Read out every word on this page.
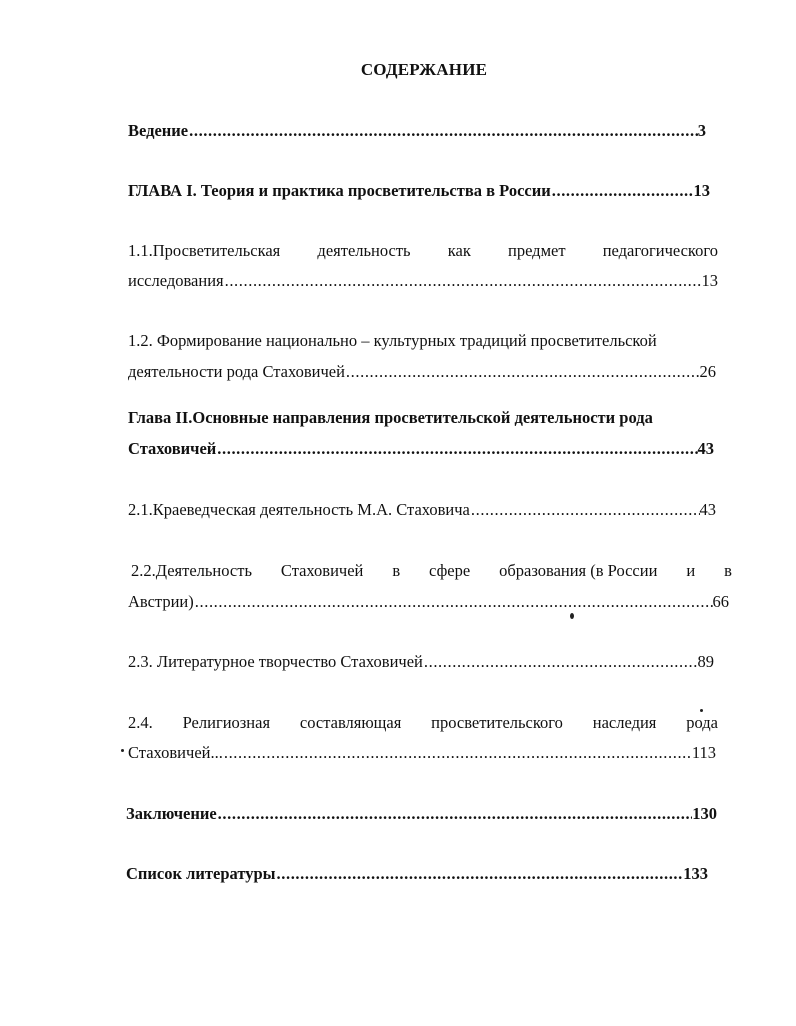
СОДЕРЖАНИЕ
Ведение .....	3
ГЛАВА I. Теория и практика просветительства в России .....	13
1.1.Просветительская деятельность как предмет педагогического
исследования .....	13
1.2. Формирование национально – культурных традиций просветительской
деятельности рода Стаховичей .....	26
Глава II.Основные направления просветительской деятельности рода
Стаховичей .....	43
2.1.Краеведческая деятельность М.А. Стаховича .....	43
2.2.Деятельность Стаховичей в сфере образования (в России и в
Австрии) .....	66
2.3. Литературное творчество Стаховичей .....	89
2.4. Религиозная составляющая просветительского наследия рода
Стаховичей... .....	113
Заключение .....	130
Список литературы .....	133
